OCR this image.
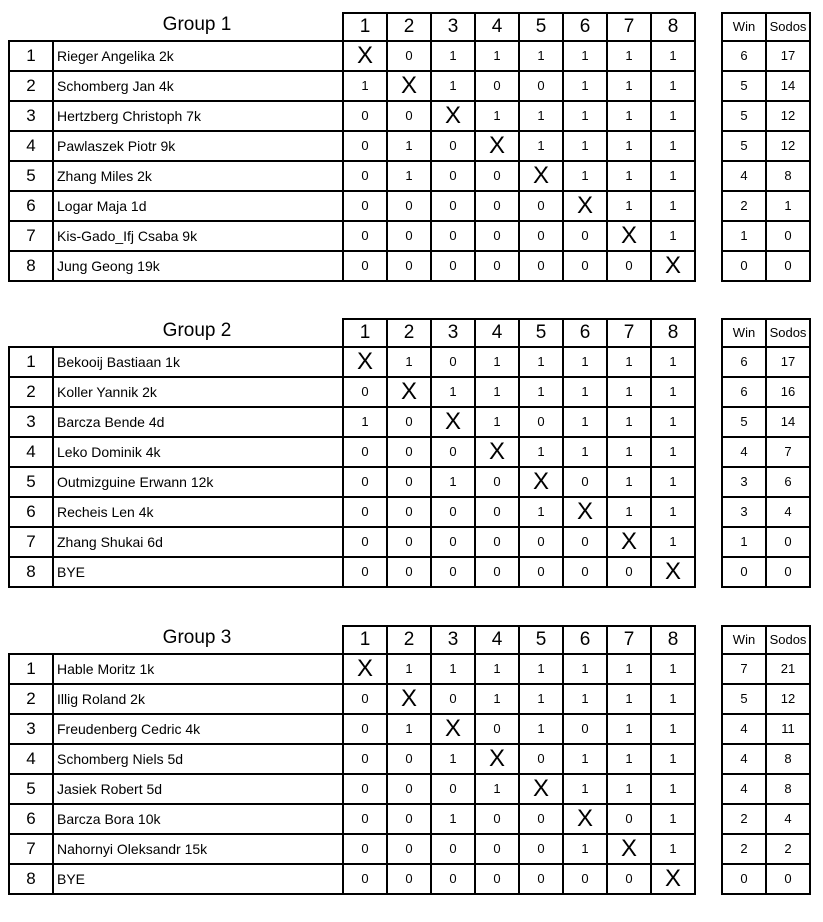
Group 1
			1	2	3	4	5	6	7	8
1	Rieger Angelika 2k	X	0	1	1	1	1	1	1
2	Schomberg Jan 4k	1	X	1	0	0	1	1	1
3	Hertzberg Christoph 7k	0	0	X	1	1	1	1	1
4	Pawlaszek Piotr 9k	0	1	0	X	1	1	1	1
5	Zhang Miles 2k	0	1	0	0	X	1	1	1
6	Logar Maja 1d	0	0	0	0	0	X	1	1
7	Kis-Gado_Ifj Csaba 9k	0	0	0	0	0	0	X	1
8	Jung Geong 19k	0	0	0	0	0	0	0	X
Win	Sodos
6	17
5	14
5	12
5	12
4	8
2	1
1	0
0	0
Group 2
			1	2	3	4	5	6	7	8
1	Bekooij Bastiaan 1k	X	1	0	1	1	1	1	1
2	Koller Yannik 2k	0	X	1	1	1	1	1	1
3	Barcza Bende 4d	1	0	X	1	0	1	1	1
4	Leko Dominik 4k	0	0	0	X	1	1	1	1
5	Outmizguine Erwann 12k	0	0	1	0	X	0	1	1
6	Recheis Len 4k	0	0	0	0	1	X	1	1
7	Zhang Shukai 6d	0	0	0	0	0	0	X	1
8	BYE	0	0	0	0	0	0	0	X
Win	Sodos
6	17
6	16
5	14
4	7
3	6
3	4
1	0
0	0
Group 3
			1	2	3	4	5	6	7	8
1	Hable Moritz 1k	X	1	1	1	1	1	1	1
2	Illig Roland 2k	0	X	0	1	1	1	1	1
3	Freudenberg Cedric 4k	0	1	X	0	1	0	1	1
4	Schomberg Niels 5d	0	0	1	X	0	1	1	1
5	Jasiek Robert 5d	0	0	0	1	X	1	1	1
6	Barcza Bora 10k	0	0	1	0	0	X	0	1
7	Nahornyi Oleksandr 15k	0	0	0	0	0	1	X	1
8	BYE	0	0	0	0	0	0	0	X
Win	Sodos
7	21
5	12
4	11
4	8
4	8
2	4
2	2
0	0
